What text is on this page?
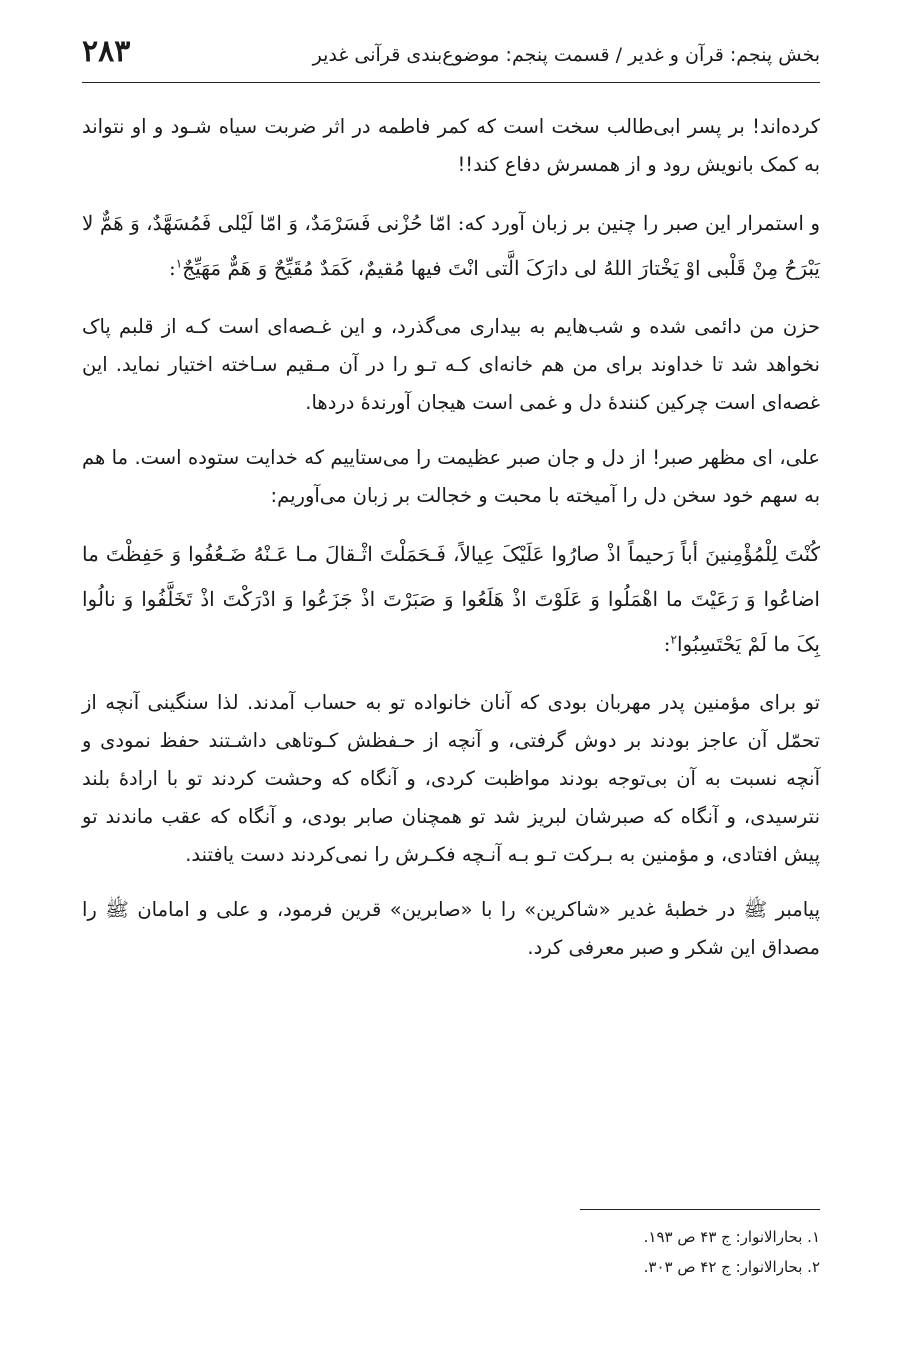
بخش پنجم: قرآن و غدیر / قسمت پنجم: موضوع‌بندی قرآنی غدیر
۲۸۳

کرده‌اند! بر پسر ابی‌طالب سخت است که کمر فاطمه در اثر ضربت سیاه شـود و او نتواند به کمک بانویش رود و از همسرش دفاع کند!!

و استمرار این صبر را چنین بر زبان آورد که: امّا حُزْنی فَسَرْمَدٌ، وَ امّا لَیْلی فَمُسَهَّدٌ، وَ هَمٌّ لا یَبْرَحُ مِنْ قَلْبی اوْ یَخْتارَ اللهُ لی دارَکَ الَّتی انْتَ فیها مُقیمٌ، کَمَدٌ مُقَیِّحٌ وَ هَمٌّ مَهَیِّجٌ$^۱$:

حزن من دائمی شده و شب‌هایم به بیداری می‌گذرد، و این غـصه‌ای است کـه از قلبم پاک نخواهد شد تا خداوند برای من هم خانه‌ای کـه تـو را در آن مـقیم سـاخته اختیار نماید. این غصه‌ای است چرکین کنندهٔ دل و غمی است هیجان آورندهٔ دردها.

علی، ای مظهر صبر! از دل و جان صبر عظیمت را می‌ستاییم که خدایت ستوده است. ما هم به سهم خود سخن دل را آمیخته با محبت و خجالت بر زبان می‌آوریم:

کُنْتَ لِلْمُؤْمِنینَ أباً رَحیماً اذْ صارُوا عَلَیْکَ عِیالاً، فَـحَمَلْتَ اثْـقالَ مـا عَـنْهُ ضَـعُفُوا وَ حَفِظْتَ ما اضاعُوا وَ رَعَیْتَ ما اهْمَلُوا وَ عَلَوْتَ اذْ هَلَعُوا وَ صَبَرْتَ اذْ جَزَعُوا وَ ادْرَکْتَ اذْ تَخَلَّفُوا وَ نالُوا بِکَ ما لَمْ یَحْتَسِبُوا$^۲$:

تو برای مؤمنین پدر مهربان بودی که آنان خانواده تو به حساب آمدند. لذا سنگینی آنچه از تحمّل آن عاجز بودند بر دوش گرفتی، و آنچه از حـفظش کـوتاهی داشـتند حفظ نمودی و آنچه نسبت به آن بی‌توجه بودند مواظبت کردی، و آنگاه که وحشت کردند تو با ارادهٔ بلند نترسیدی، و آنگاه که صبرشان لبریز شد تو همچنان صابر بودی، و آنگاه که عقب ماندند تو پیش افتادی، و مؤمنین به بـرکت تـو بـه آنـچه فکـرش را نمی‌کردند دست یافتند.

پیامبر ﷺ در خطبهٔ غدیر «شاکرین» را با «صابرین» قرین فرمود، و علی و امامان ﷺ را مصداق این شکر و صبر معرفی کرد.

۱. بحارالانوار: ج ۴۳ ص ۱۹۳.
۲. بحارالانوار: ج ۴۲ ص ۳۰۳.
